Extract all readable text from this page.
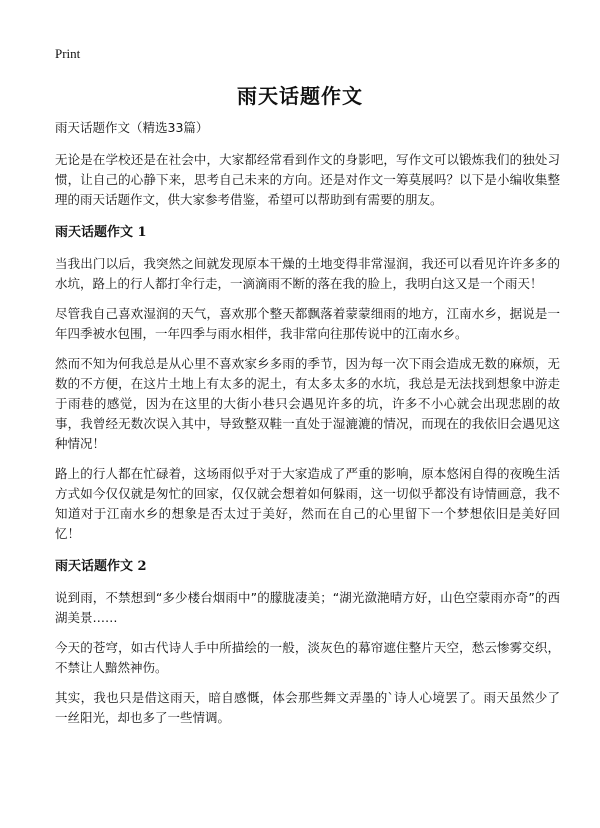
Print
雨天话题作文

雨天话题作文（精选33篇）

无论是在学校还是在社会中，大家都经常看到作文的身影吧，写作文可以锻炼我们的独处习惯，让自己的心静下来，思考自己未来的方向。还是对作文一筹莫展吗？以下是小编收集整理的雨天话题作文，供大家参考借鉴，希望可以帮助到有需要的朋友。

雨天话题作文 1

当我出门以后，我突然之间就发现原本干燥的土地变得非常湿润，我还可以看见许许多多的水坑，路上的行人都打伞行走，一滴滴雨不断的落在我的脸上，我明白这又是一个雨天！

尽管我自己喜欢湿润的天气，喜欢那个整天都飘落着蒙蒙细雨的地方，江南水乡，据说是一年四季被水包围，一年四季与雨水相伴，我非常向往那传说中的江南水乡。

然而不知为何我总是从心里不喜欢家乡多雨的季节，因为每一次下雨会造成无数的麻烦，无数的不方便，在这片土地上有太多的泥土，有太多太多的水坑，我总是无法找到想象中游走于雨巷的感觉，因为在这里的大街小巷只会遇见许多的坑，许多不小心就会出现悲剧的故事，我曾经无数次误入其中，导致整双鞋一直处于湿漉漉的情况，而现在的我依旧会遇见这种情况！

路上的行人都在忙碌着，这场雨似乎对于大家造成了严重的影响，原本悠闲自得的夜晚生活方式如今仅仅就是匆忙的回家，仅仅就会想着如何躲雨，这一切似乎都没有诗情画意，我不知道对于江南水乡的想象是否太过于美好，然而在自己的心里留下一个梦想依旧是美好回忆！

雨天话题作文 2

说到雨，不禁想到“多少楼台烟雨中”的朦胧凄美；“湖光潋滟晴方好，山色空蒙雨亦奇”的西湖美景……

今天的苍穹，如古代诗人手中所描绘的一般，淡灰色的幕帘遮住整片天空，愁云惨雾交织，不禁让人黯然神伤。

其实，我也只是借这雨天，暗自感慨，体会那些舞文弄墨的`诗人心境罢了。雨天虽然少了一丝阳光，却也多了一些情调。
